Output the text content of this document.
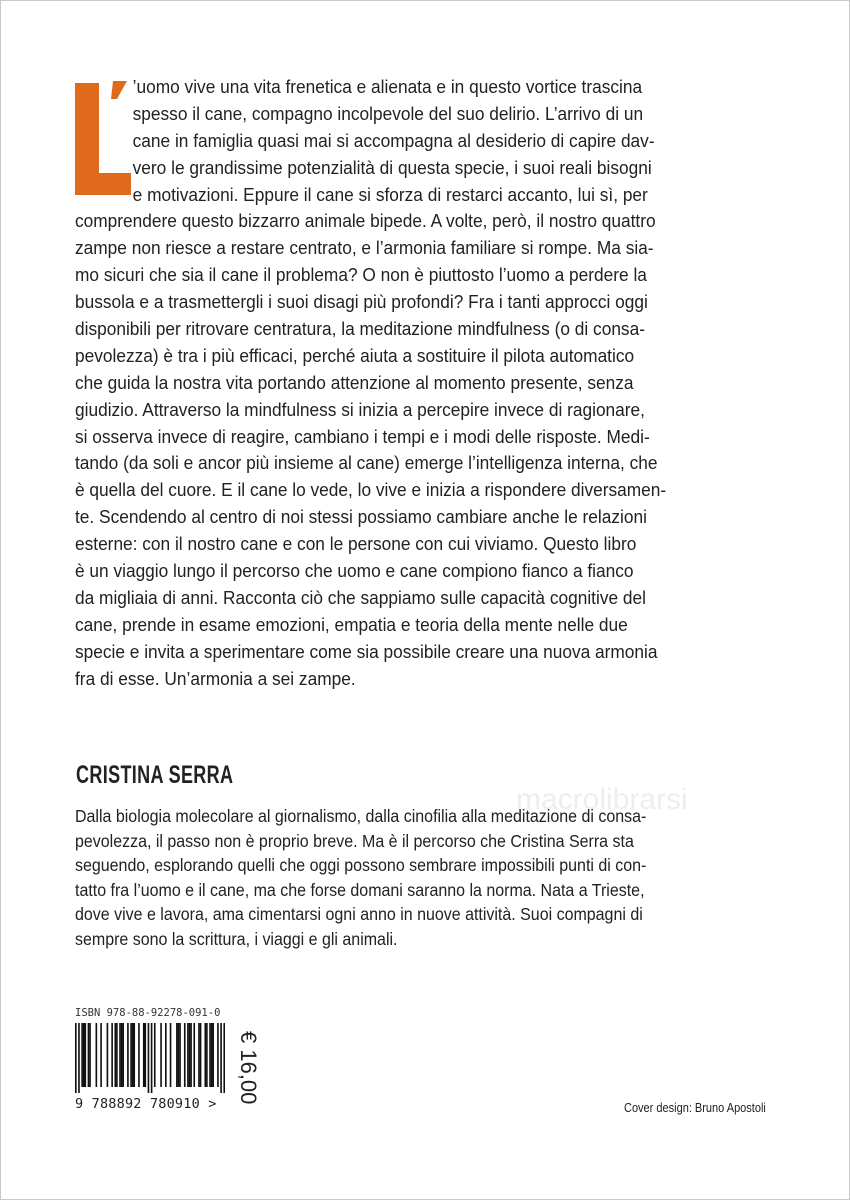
’uomo vive una vita frenetica e alienata e in questo vortice trascina
spesso il cane, compagno incolpevole del suo delirio. L’arrivo di un
cane in famiglia quasi mai si accompagna al desiderio di capire dav-
vero le grandissime potenzialità di questa specie, i suoi reali bisogni
e motivazioni. Eppure il cane si sforza di restarci accanto, lui sì, per
comprendere questo bizzarro animale bipede. A volte, però, il nostro quattro
zampe non riesce a restare centrato, e l’armonia familiare si rompe. Ma sia-
mo sicuri che sia il cane il problema? O non è piuttosto l’uomo a perdere la
bussola e a trasmettergli i suoi disagi più profondi? Fra i tanti approcci oggi
disponibili per ritrovare centratura, la meditazione mindfulness (o di consa-
pevolezza) è tra i più efficaci, perché aiuta a sostituire il pilota automatico
che guida la nostra vita portando attenzione al momento presente, senza
giudizio. Attraverso la mindfulness si inizia a percepire invece di ragionare,
si osserva invece di reagire, cambiano i tempi e i modi delle risposte. Medi-
tando (da soli e ancor più insieme al cane) emerge l’intelligenza interna, che
è quella del cuore. E il cane lo vede, lo vive e inizia a rispondere diversamen-
te. Scendendo al centro di noi stessi possiamo cambiare anche le relazioni
esterne: con il nostro cane e con le persone con cui viviamo. Questo libro
è un viaggio lungo il percorso che uomo e cane compiono fianco a fianco
da migliaia di anni. Racconta ciò che sappiamo sulle capacità cognitive del
cane, prende in esame emozioni, empatia e teoria della mente nelle due
specie e invita a sperimentare come sia possibile creare una nuova armonia
fra di esse. Un’armonia a sei zampe.
macrolibrarsi
CRISTINA SERRA
Dalla biologia molecolare al giornalismo, dalla cinofilia alla meditazione di consa-
pevolezza, il passo non è proprio breve. Ma è il percorso che Cristina Serra sta
seguendo, esplorando quelli che oggi possono sembrare impossibili punti di con-
tatto fra l’uomo e il cane, ma che forse domani saranno la norma. Nata a Trieste,
dove vive e lavora, ama cimentarsi ogni anno in nuove attività. Suoi compagni di
sempre sono la scrittura, i viaggi e gli animali.
ISBN 978-88-92278-091-0
9 788892 780910 > € 16,00
Cover design: Bruno Apostoli
